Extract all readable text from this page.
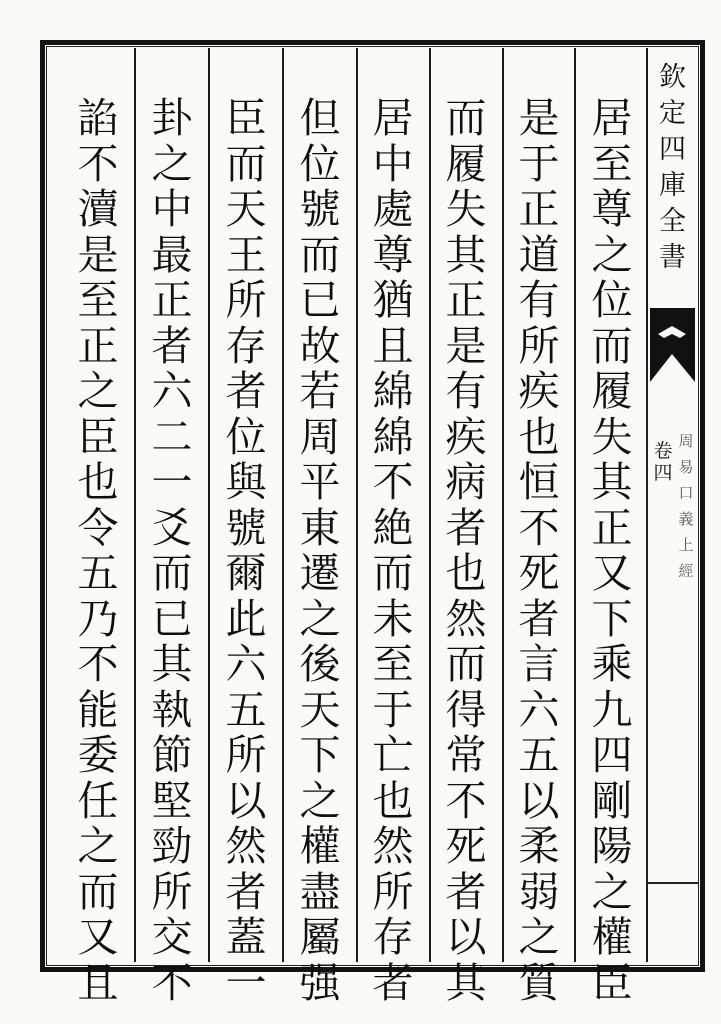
欽
定
四
庫
全
書
卷
四
周
易
口
義
上
經
居
至
尊
之
位
而
履
失
其
正
又
下
乘
九
四
剛
陽
之
權
臣
是
于
正
道
有
所
疾
也
恒
不
死
者
言
六
五
以
柔
弱
之
質
而
履
失
其
正
是
有
疾
病
者
也
然
而
得
常
不
死
者
以
其
居
中
處
尊
猶
且
綿
綿
不
絶
而
未
至
于
亡
也
然
所
存
者
但
位
號
而
已
故
若
周
平
東
遷
之
後
天
下
之
權
盡
屬
强
臣
而
天
王
所
存
者
位
與
號
爾
此
六
五
所
以
然
者
蓋
一
卦
之
中
最
正
者
六
二
一
爻
而
已
其
執
節
堅
勁
所
交
不
諂
不
瀆
是
至
正
之
臣
也
令
五
乃
不
能
委
任
之
而
又
且
